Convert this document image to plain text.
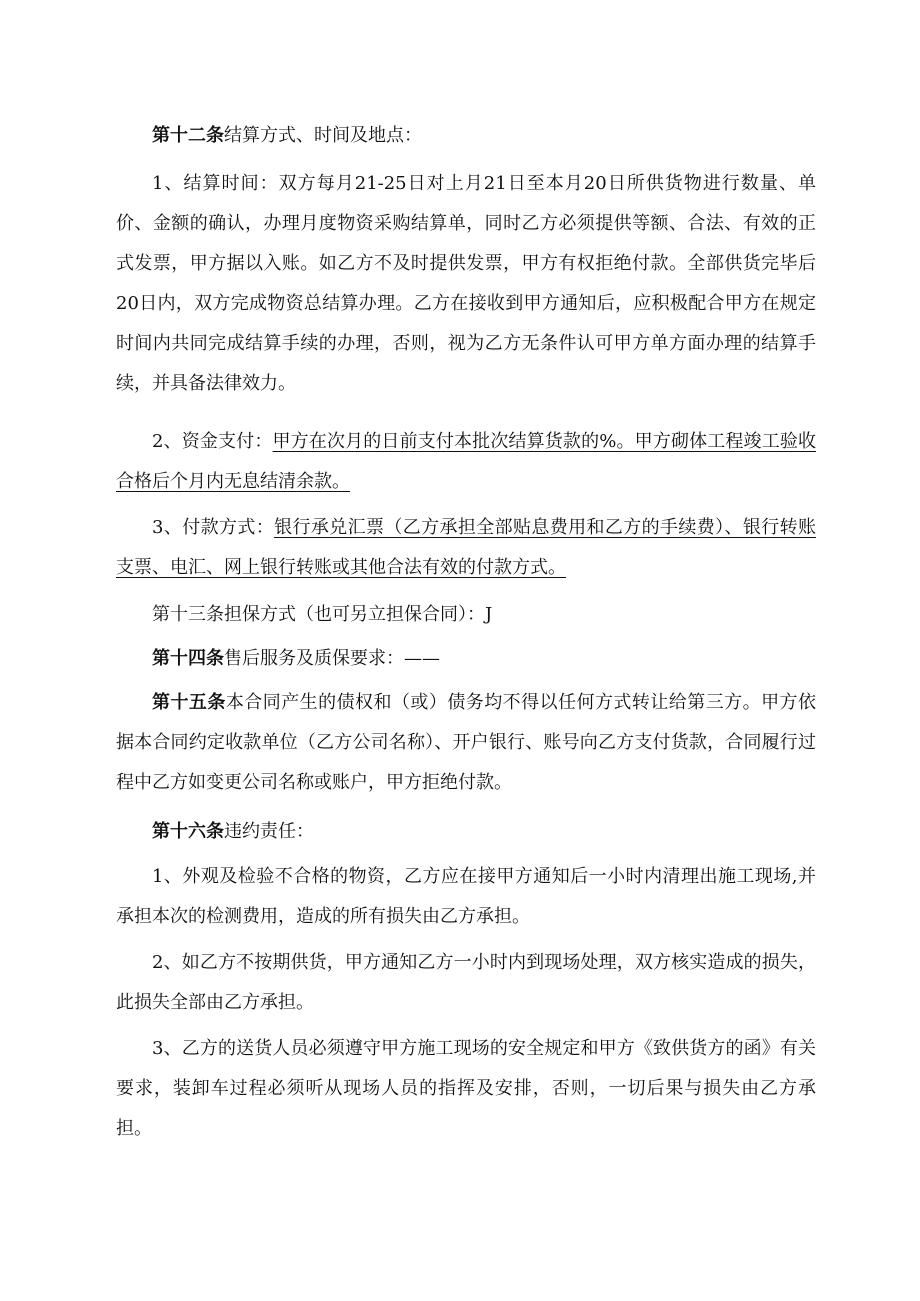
第十二条结算方式、时间及地点：
1、结算时间：双方每月21-25日对上月21日至本月20日所供货物进行数量、单价、金额的确认，办理月度物资采购结算单，同时乙方必须提供等额、合法、有效的正式发票，甲方据以入账。如乙方不及时提供发票，甲方有权拒绝付款。全部供货完毕后20日内，双方完成物资总结算办理。乙方在接收到甲方通知后，应积极配合甲方在规定时间内共同完成结算手续的办理，否则，视为乙方无条件认可甲方单方面办理的结算手续，并具备法律效力。
2、资金支付：甲方在次月的日前支付本批次结算货款的%。甲方砌体工程竣工验收合格后个月内无息结清余款。
3、付款方式：银行承兑汇票（乙方承担全部贴息费用和乙方的手续费）、银行转账支票、电汇、网上银行转账或其他合法有效的付款方式。
第十三条担保方式（也可另立担保合同）：J
第十四条售后服务及质保要求：——
第十五条本合同产生的债权和（或）债务均不得以任何方式转让给第三方。甲方依据本合同约定收款单位（乙方公司名称）、开户银行、账号向乙方支付货款，合同履行过程中乙方如变更公司名称或账户，甲方拒绝付款。
第十六条违约责任：
1、外观及检验不合格的物资，乙方应在接甲方通知后一小时内清理出施工现场,并承担本次的检测费用，造成的所有损失由乙方承担。
2、如乙方不按期供货，甲方通知乙方一小时内到现场处理，双方核实造成的损失，此损失全部由乙方承担。
3、乙方的送货人员必须遵守甲方施工现场的安全规定和甲方《致供货方的函》有关要求，装卸车过程必须听从现场人员的指挥及安排，否则，一切后果与损失由乙方承担。
